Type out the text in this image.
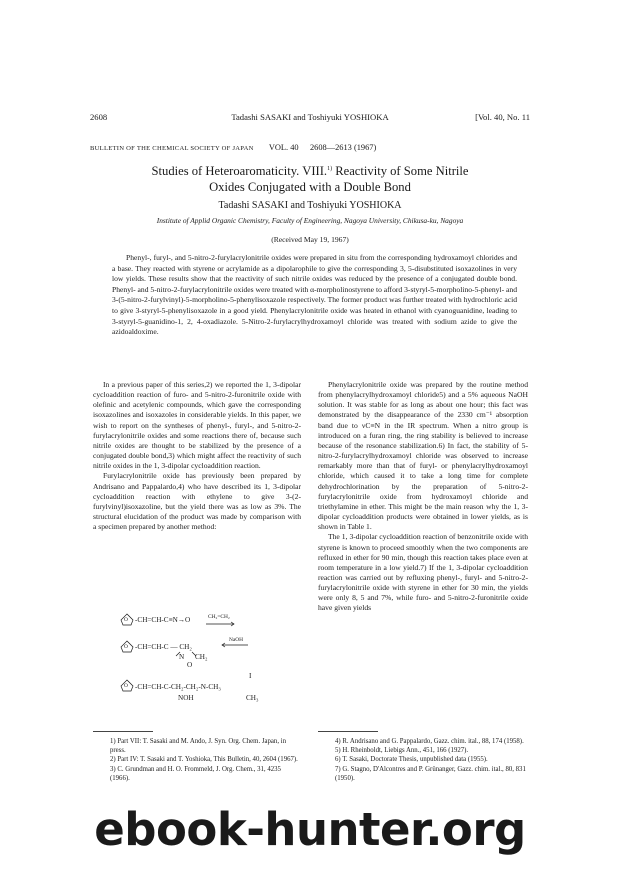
2608	Tadashi SASAKI and Toshiyuki YOSHIOKA	[Vol. 40, No. 11
BULLETIN OF THE CHEMICAL SOCIETY OF JAPAN VOL. 40 2608—2613 (1967)
Studies of Heteroaromaticity. VIII.$^{1)}$ Reactivity of Some Nitrile
Oxides Conjugated with a Double Bond
Tadashi SASAKI and Toshiyuki YOSHIOKA
Institute of Applid Organic Chemistry, Faculty of Engineering, Nagoya University, Chikusa-ku, Nagoya
(Received May 19, 1967)

Phenyl-, furyl-, and 5-nitro-2-furylacrylonitrile oxides were prepared in situ from the corresponding hydroxamoyl chlorides and a base. They reacted with styrene or acrylamide as a dipolarophile to give the corresponding 3, 5-disubstituted isoxazolines in very low yields. These results show that the reactivity of such nitrile oxides was reduced by the presence of a conjugated double bond. Phenyl- and 5-nitro-2-furylacrylonitrile oxides were treated with α-morpholinostyrene to afford 3-styryl-5-morpholino-5-phenyl- and 3-(5-nitro-2-furylvinyl)-5-morpholino-5-phenylisoxazole respectively. The former product was further treated with hydrochloric acid to give 3-styryl-5-phenylisoxazole in a good yield. Phenylacrylonitrile oxide was heated in ethanol with cyanoguanidine, leading to 3-styryl-5-guanidino-1, 2, 4-oxadiazole. 5-Nitro-2-furylacrylhydroxamoyl chloride was treated with sodium azide to give the azidoaldoxime.

In a previous paper of this series,2) we reported the 1, 3-dipolar cycloaddition reaction of furo- and 5-nitro-2-furonitrile oxide with olefinic and acetylenic compounds, which gave the corresponding isoxazolines and isoxazoles in considerable yields. In this paper, we wish to report on the syntheses of phenyl-, furyl-, and 5-nitro-2-furylacrylonitrile oxides and some reactions there of, because such nitrile oxides are thought to be stabilized by the presence of a conjugated double bond,3) which might affect the reactivity of such nitrile oxides in the 1, 3-dipolar cycloaddition reaction.

Furylacrylonitrile oxide has previously been prepared by Andrisano and Pappalardo,4) who have described its 1, 3-dipolar cycloaddition reaction with ethylene to give 3-(2-furylvinyl)isoxazoline, but the yield there was as low as 3%. The structural elucidation of the product was made by comparison with a specimen prepared by another method:

O
O
O
-CH=CH-C≡N→O	CH₂=CH₂
NaOH
-CH=CH-C — CH₂
N CH₂
O
I
-CH=CH-C-CH₂-CH₂-N-CH₃
NOH	CH₃

Phenylacrylonitrile oxide was prepared by the routine method from phenylacrylhydroxamoyl chloride5) and a 5% aqueous NaOH solution. It was stable for as long as about one hour; this fact was demonstrated by the disappearance of the 2330 cm⁻¹ absorption band due to νC≡N in the IR spectrum. When a nitro group is introduced on a furan ring, the ring stability is believed to increase because of the resonance stabilization.6) In fact, the stability of 5-nitro-2-furylacrylhydroxamoyl chloride was observed to increase remarkably more than that of furyl- or phenylacrylhydroxamoyl chloride, which caused it to take a long time for complete dehydrochlorination by the preparation of 5-nitro-2-furylacrylonitrile oxide from hydroxamoyl chloride and triethylamine in ether. This might be the main reason why the 1, 3-dipolar cycloaddition products were obtained in lower yields, as is shown in Table 1.

The 1, 3-dipolar cycloaddition reaction of benzonitrile oxide with styrene is known to proceed smoothly when the two components are refluxed in ether for 90 min, though this reaction takes place even at room temperature in a low yield.7) If the 1, 3-dipolar cycloaddition reaction was carried out by refluxing phenyl-, furyl- and 5-nitro-2-furylacrylonitrile oxide with styrene in ether for 30 min, the yields were only 8, 5 and 7%, while furo- and 5-nitro-2-furonitrile oxide have given yields

1) Part VII: T. Sasaki and M. Ando, J. Syn. Org. Chem. Japan, in press.

2) Part IV: T. Sasaki and T. Yoshioka, This Bulletin, 40, 2604 (1967).

3) C. Grundman and H. O. Frommeld, J. Org. Chem., 31, 4235 (1966).

4) R. Andrisano and G. Pappalardo, Gazz. chim. ital., 88, 174 (1958).

5) H. Rheinboldt, Liebigs Ann., 451, 166 (1927).

6) T. Sasaki, Doctorate Thesis, unpublished data (1955).

7) G. Stagno, D'Alcontres and P. Grünanger, Gazz. chim. ital., 80, 831 (1950).

ebook-hunter.org
